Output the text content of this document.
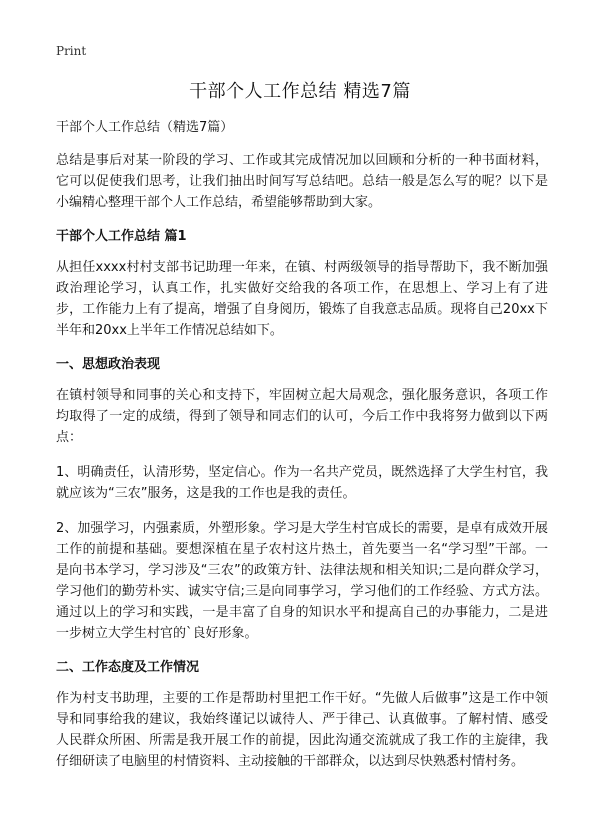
Print
干部个人工作总结 精选7篇

干部个人工作总结（精选7篇）

总结是事后对某一阶段的学习、工作或其完成情况加以回顾和分析的一种书面材料，它可以促使我们思考，让我们抽出时间写写总结吧。总结一般是怎么写的呢？以下是小编精心整理干部个人工作总结，希望能够帮助到大家。

干部个人工作总结 篇1

从担任xxxx村村支部书记助理一年来，在镇、村两级领导的指导帮助下，我不断加强政治理论学习，认真工作，扎实做好交给我的各项工作，在思想上、学习上有了进步，工作能力上有了提高，增强了自身阅历，锻炼了自我意志品质。现将自己20xx下半年和20xx上半年工作情况总结如下。

一、思想政治表现

在镇村领导和同事的关心和支持下，牢固树立起大局观念，强化服务意识，各项工作均取得了一定的成绩，得到了领导和同志们的认可，今后工作中我将努力做到以下两点：

1、明确责任，认清形势，坚定信心。作为一名共产党员，既然选择了大学生村官，我就应该为“三农”服务，这是我的工作也是我的责任。

2、加强学习，内强素质，外塑形象。学习是大学生村官成长的需要，是卓有成效开展工作的前提和基础。要想深植在星子农村这片热土，首先要当一名“学习型”干部。一是向书本学习，学习涉及“三农”的政策方针、法律法规和相关知识;二是向群众学习，学习他们的勤劳朴实、诚实守信;三是向同事学习，学习他们的工作经验、方式方法。通过以上的学习和实践，一是丰富了自身的知识水平和提高自己的办事能力，二是进一步树立大学生村官的`良好形象。

二、工作态度及工作情况

作为村支书助理，主要的工作是帮助村里把工作干好。“先做人后做事”这是工作中领导和同事给我的建议，我始终谨记以诚待人、严于律己、认真做事。了解村情、感受人民群众所困、所需是我开展工作的前提，因此沟通交流就成了我工作的主旋律，我仔细研读了电脑里的村情资料、主动接触的干部群众，以达到尽快熟悉村情村务。
